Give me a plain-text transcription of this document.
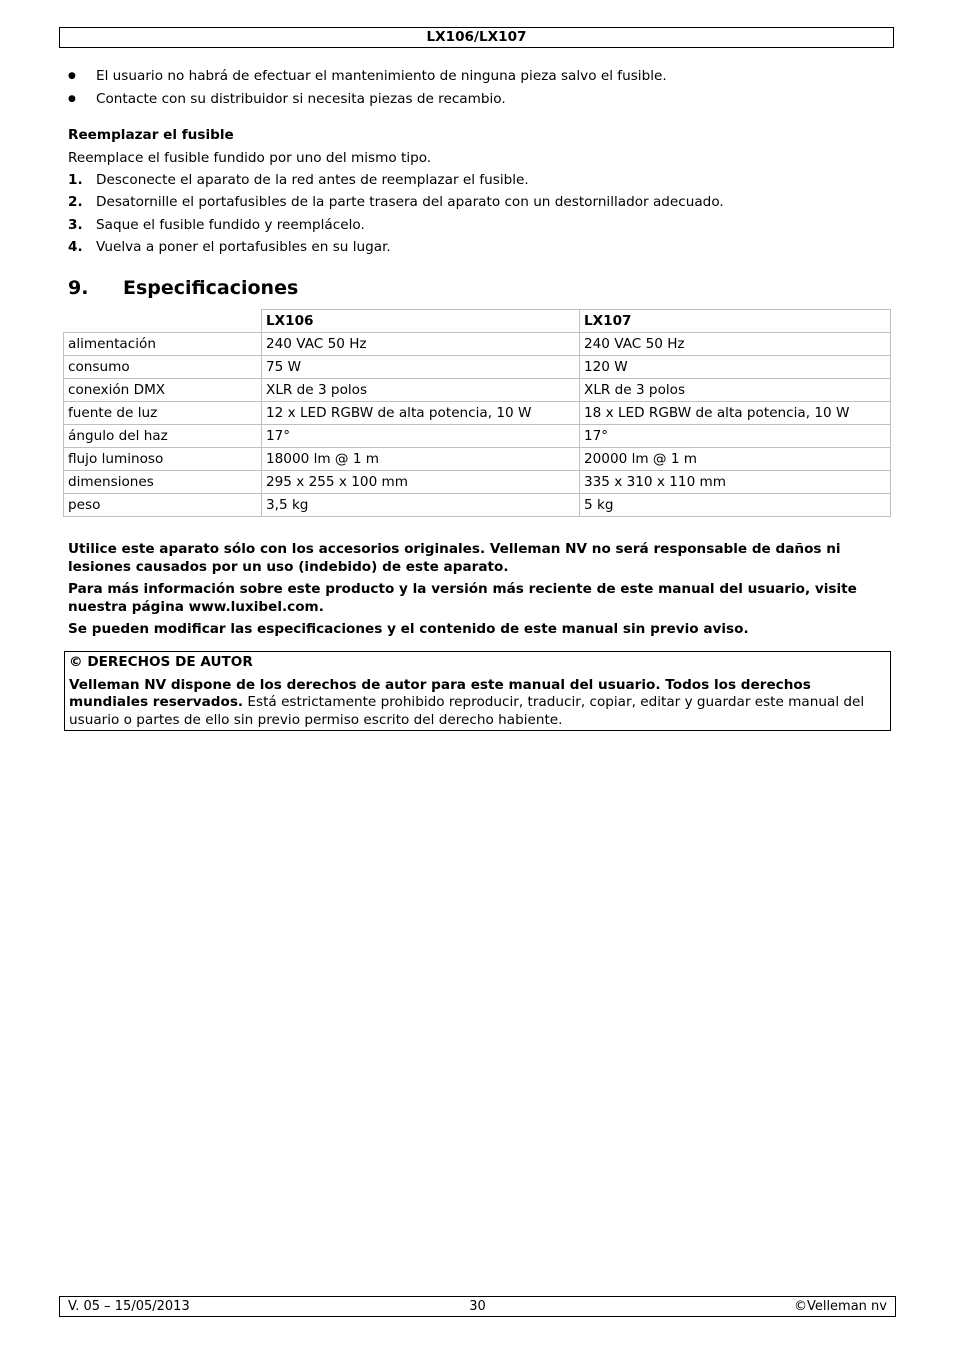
LX106/LX107
● El usuario no habrá de efectuar el mantenimiento de ninguna pieza salvo el fusible.
● Contacte con su distribuidor si necesita piezas de recambio.
Reemplazar el fusible
Reemplace el fusible fundido por uno del mismo tipo.
1. Desconecte el aparato de la red antes de reemplazar el fusible.
2. Desatornille el portafusibles de la parte trasera del aparato con un destornillador adecuado.
3. Saque el fusible fundido y reemplácelo.
4. Vuelva a poner el portafusibles en su lugar.
9. Especificaciones
	LX106	LX107
alimentación	240 VAC 50 Hz	240 VAC 50 Hz
consumo	75 W	120 W
conexión DMX	XLR de 3 polos	XLR de 3 polos
fuente de luz	12 x LED RGBW de alta potencia, 10 W	18 x LED RGBW de alta potencia, 10 W
ángulo del haz	17°	17°
flujo luminoso	18000 lm @ 1 m	20000 lm @ 1 m
dimensiones	295 x 255 x 100 mm	335 x 310 x 110 mm
peso	3,5 kg	5 kg
Utilice este aparato sólo con los accesorios originales. Velleman NV no será responsable de daños ni lesiones causados por un uso (indebido) de este aparato.
Para más información sobre este producto y la versión más reciente de este manual del usuario, visite nuestra página www.luxibel.com.
Se pueden modificar las especificaciones y el contenido de este manual sin previo aviso.
© DERECHOS DE AUTOR
Velleman NV dispone de los derechos de autor para este manual del usuario. Todos los derechos mundiales reservados. Está estrictamente prohibido reproducir, traducir, copiar, editar y guardar este manual del usuario o partes de ello sin previo permiso escrito del derecho habiente.
V. 05 – 15/05/2013	30	©Velleman nv
